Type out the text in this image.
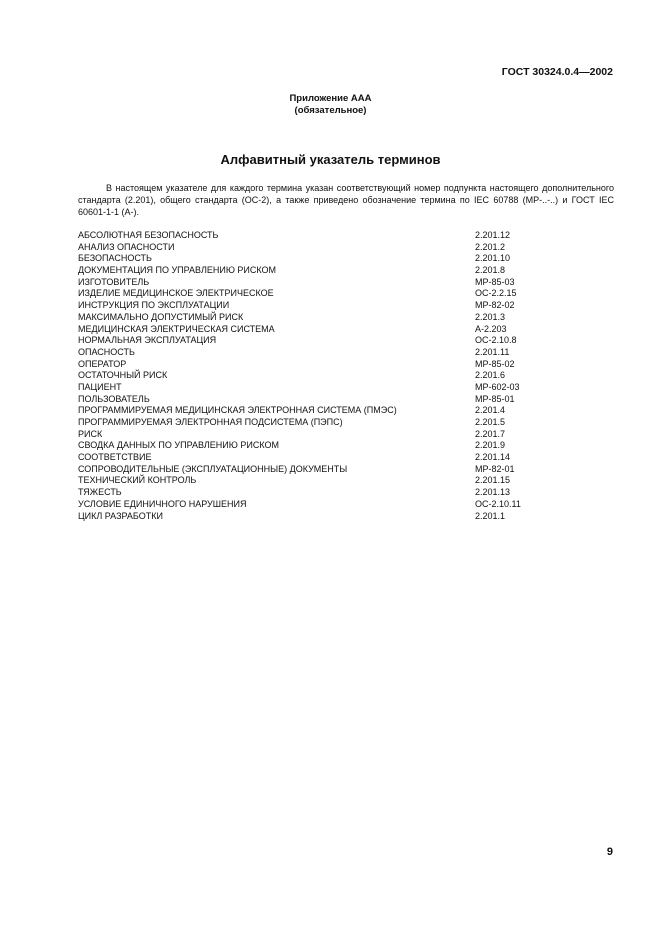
ГОСТ 30324.0.4—2002
Приложение ААА
(обязательное)
Алфавитный указатель терминов

В настоящем указателе для каждого термина указан соответствующий номер подпункта настоящего дополнительного стандарта (2.201), общего стандарта (ОС-2), а также приведено обозначение термина по IEC 60788 (МР-..-..) и ГОСТ IEC 60601-1-1 (А-).

АБСОЛЮТНАЯ БЕЗОПАСНОСТЬ	2.201.12
АНАЛИЗ ОПАСНОСТИ	2.201.2
БЕЗОПАСНОСТЬ	2.201.10
ДОКУМЕНТАЦИЯ ПО УПРАВЛЕНИЮ РИСКОМ	2.201.8
ИЗГОТОВИТЕЛЬ	МР-85-03
ИЗДЕЛИЕ МЕДИЦИНСКОЕ ЭЛЕКТРИЧЕСКОЕ	ОС-2.2.15
ИНСТРУКЦИЯ ПО ЭКСПЛУАТАЦИИ	МР-82-02
МАКСИМАЛЬНО ДОПУСТИМЫЙ РИСК	2.201.3
МЕДИЦИНСКАЯ ЭЛЕКТРИЧЕСКАЯ СИСТЕМА	А-2.203
НОРМАЛЬНАЯ ЭКСПЛУАТАЦИЯ	ОС-2.10.8
ОПАСНОСТЬ	2.201.11
ОПЕРАТОР	МР-85-02
ОСТАТОЧНЫЙ РИСК	2.201.6
ПАЦИЕНТ	МР-602-03
ПОЛЬЗОВАТЕЛЬ	МР-85-01
ПРОГРАММИРУЕМАЯ МЕДИЦИНСКАЯ ЭЛЕКТРОННАЯ СИСТЕМА (ПМЭС)	2.201.4
ПРОГРАММИРУЕМАЯ ЭЛЕКТРОННАЯ ПОДСИСТЕМА (ПЭПС)	2.201.5
РИСК	2.201.7
СВОДКА ДАННЫХ ПО УПРАВЛЕНИЮ РИСКОМ	2.201.9
СООТВЕТСТВИЕ	2.201.14
СОПРОВОДИТЕЛЬНЫЕ (ЭКСПЛУАТАЦИОННЫЕ) ДОКУМЕНТЫ	МР-82-01
ТЕХНИЧЕСКИЙ КОНТРОЛЬ	2.201.15
ТЯЖЕСТЬ	2.201.13
УСЛОВИЕ ЕДИНИЧНОГО НАРУШЕНИЯ	ОС-2.10.11
ЦИКЛ РАЗРАБОТКИ	2.201.1
9
